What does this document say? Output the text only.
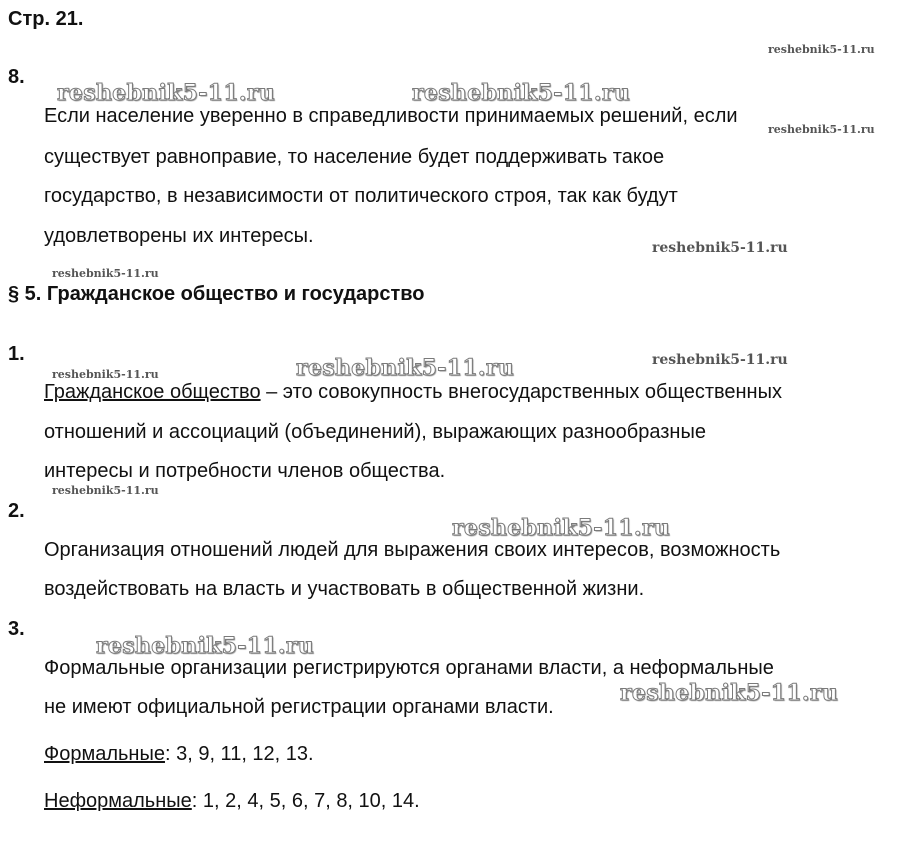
Стр. 21.
8.
Если население уверенно в справедливости принимаемых решений, если
существует равноправие, то население будет поддерживать такое
государство, в независимости от политического строя, так как будут
удовлетворены их интересы.
§ 5. Гражданское общество и государство
1.
Гражданское общество – это совокупность внегосударственных общественных
отношений и ассоциаций (объединений), выражающих разнообразные
интересы и потребности членов общества.
2.
Организация отношений людей для выражения своих интересов, возможность
воздействовать на власть и участвовать в общественной жизни.
3.
Формальные организации регистрируются органами власти, а неформальные
не имеют официальной регистрации органами власти.
Формальные: 3, 9, 11, 12, 13.
Неформальные: 1, 2, 4, 5, 6, 7, 8, 10, 14.
reshebnik5-11.ru
reshebnik5-11.ru	reshebnik5-11.ru
reshebnik5-11.ru
reshebnik5-11.ru
reshebnik5-11.ru
reshebnik5-11.ru	reshebnik5-11.ru
reshebnik5-11.ru
reshebnik5-11.ru
reshebnik5-11.ru
reshebnik5-11.ru
reshebnik5-11.ru
